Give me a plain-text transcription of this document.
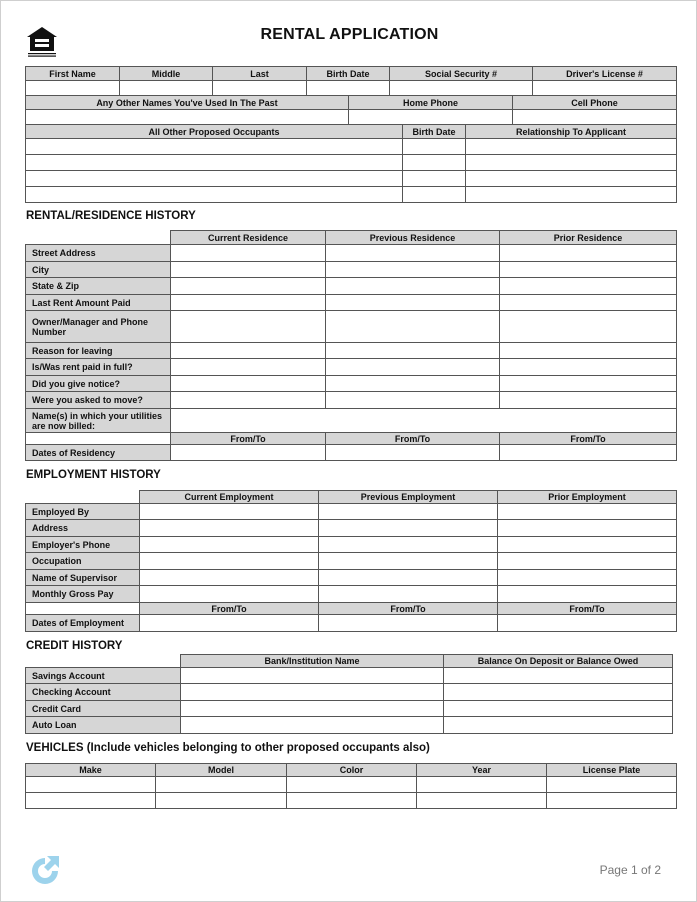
RENTAL APPLICATION
First Name	Middle	Last	Birth Date	Social Security #	Driver's License #

Any Other Names You've Used In The Past	Home Phone	Cell Phone

All Other Proposed Occupants	Birth Date	Relationship To Applicant

RENTAL/RESIDENCE HISTORY
	Current Residence	Previous Residence	Prior Residence
Street Address			
City			
State & Zip			
Last Rent Amount Paid			
Owner/Manager and Phone Number			
Reason for leaving			
Is/Was rent paid in full?			
Did you give notice?			
Were you asked to move?			
Name(s) in which your utilities are now billed:			
	From/To	From/To	From/To
Dates of Residency			
EMPLOYMENT HISTORY
	Current Employment	Previous Employment	Prior Employment
Employed By			
Address			
Employer's Phone			
Occupation			
Name of Supervisor			
Monthly Gross Pay			
	From/To	From/To	From/To
Dates of Employment			
CREDIT HISTORY
	Bank/Institution Name	Balance On Deposit or Balance Owed
Savings Account		
Checking Account		
Credit Card		
Auto Loan		
VEHICLES (Include vehicles belonging to other proposed occupants also)
Make	Model	Color	Year	License Plate

Page 1 of 2
